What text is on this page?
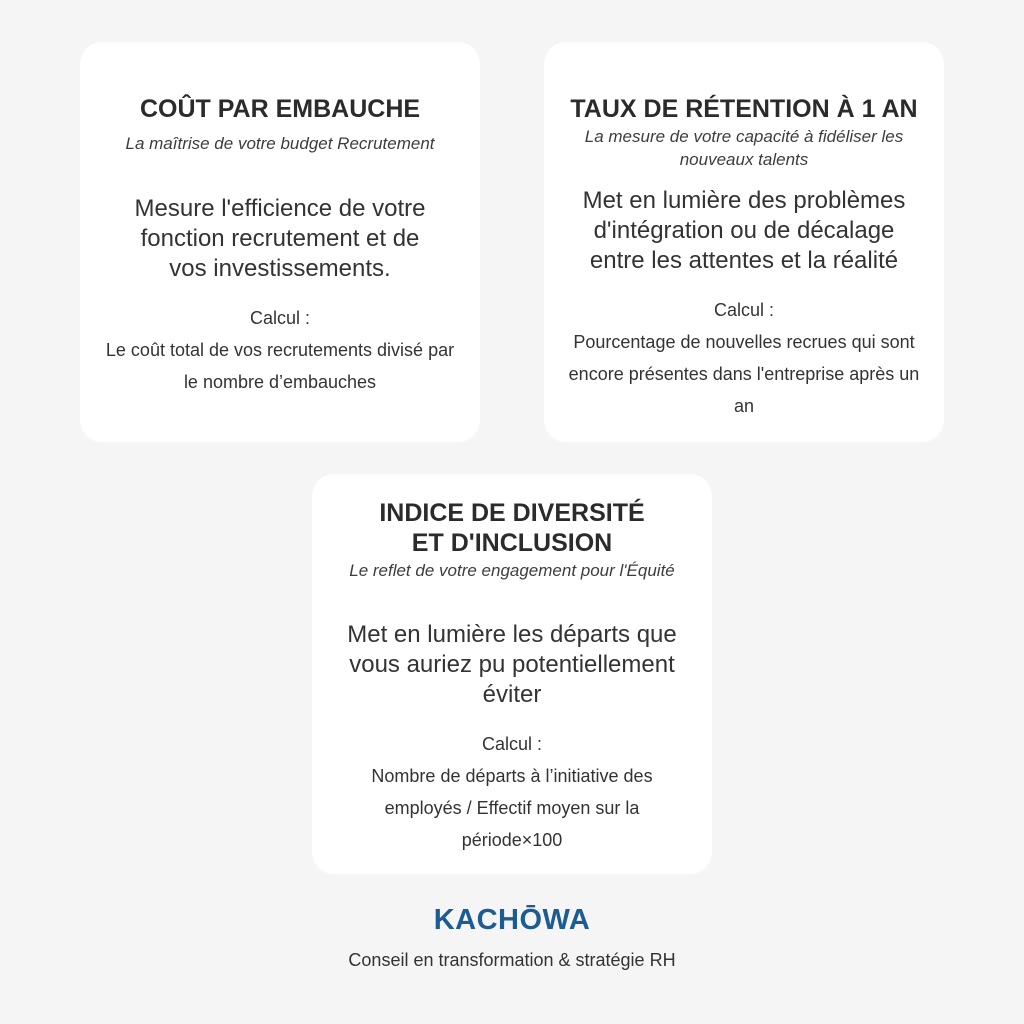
COÛT PAR EMBAUCHE

La maîtrise de votre budget Recrutement

Mesure l'efficience de votre fonction recrutement et de vos investissements.

Calcul :

Le coût total de vos recrutements divisé par le nombre d’embauches

TAUX DE RÉTENTION À 1 AN

La mesure de votre capacité à fidéliser les nouveaux talents

Met en lumière des problèmes d'intégration ou de décalage entre les attentes et la réalité

Calcul :

Pourcentage de nouvelles recrues qui sont encore présentes dans l'entreprise après un an

INDICE DE DIVERSITÉ ET D'INCLUSION

Le reflet de votre engagement pour l'Équité

Met en lumière les départs que vous auriez pu potentiellement éviter

Calcul :

Nombre de départs à l’initiative des employés / Effectif moyen sur la période×100

KACHŌWA

Conseil en transformation & stratégie RH
